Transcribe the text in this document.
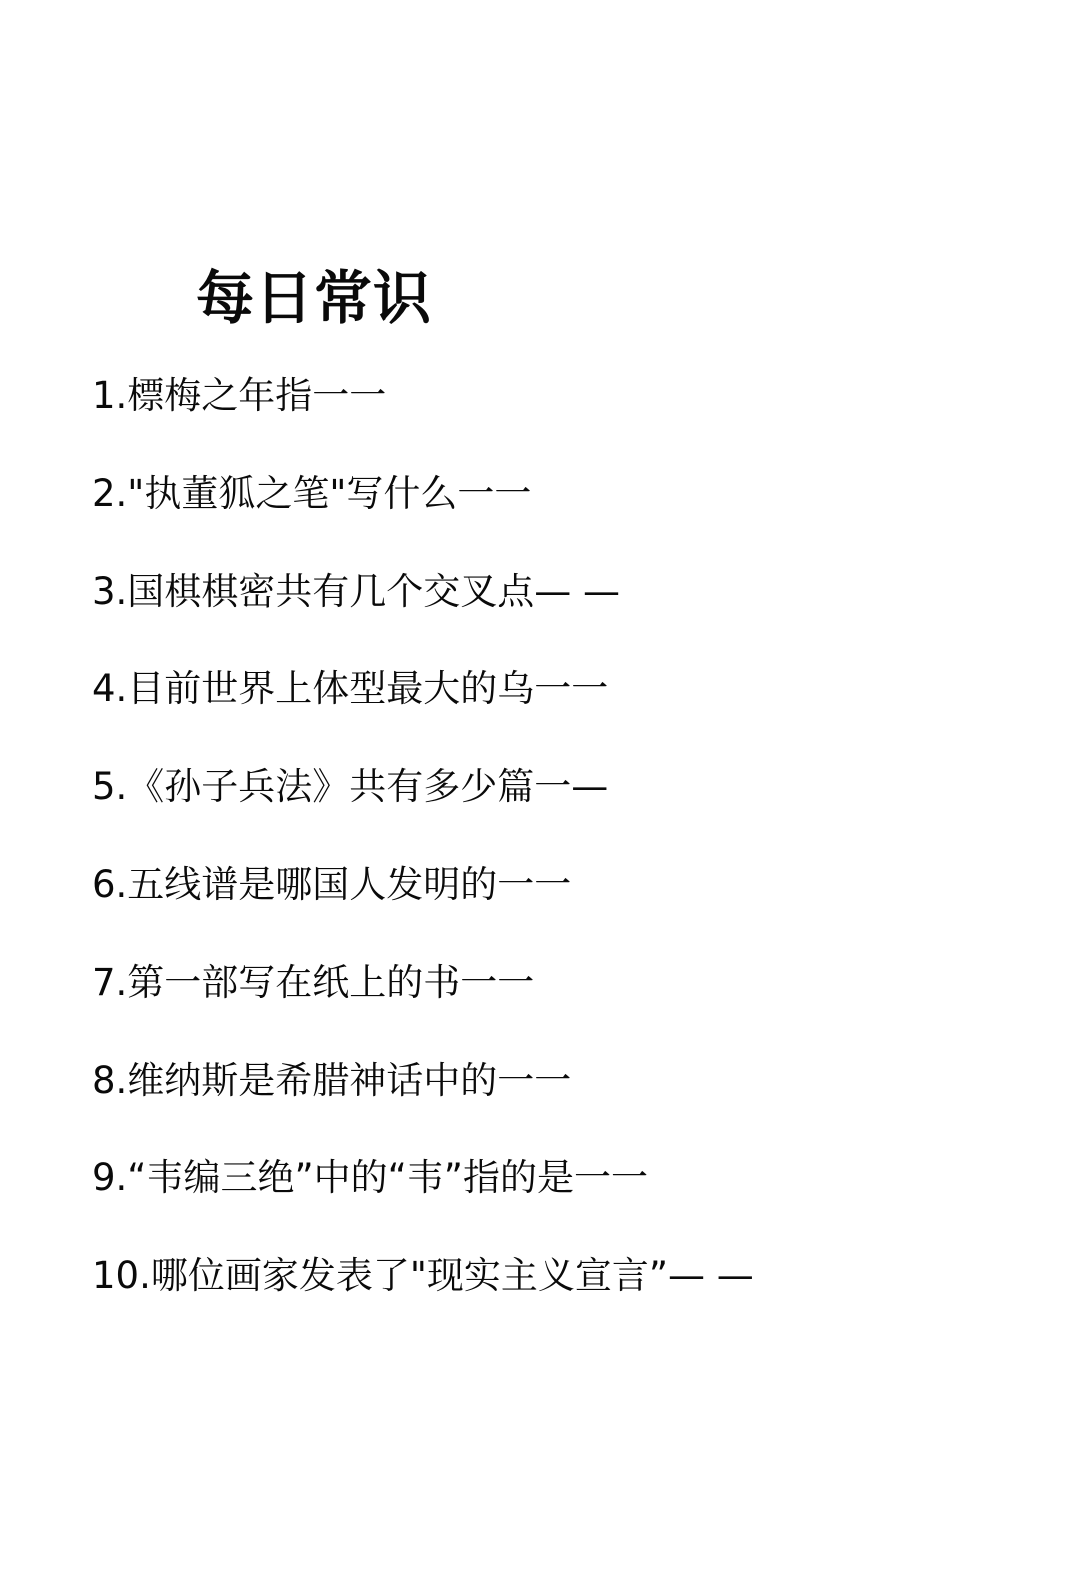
每日常识
1.標梅之年指一一
2."执董狐之笔"写什么一一
3.国棋棋密共有几个交叉点— —
4.目前世界上体型最大的乌一一
5.《孙子兵法》共有多少篇一—
6.五线谱是哪国人发明的一一
7.第一部写在纸上的书一一
8.维纳斯是希腊神话中的一一
9.“韦编三绝”中的“韦”指的是一一
10.哪位画家发表了"现实主义宣言”— —
